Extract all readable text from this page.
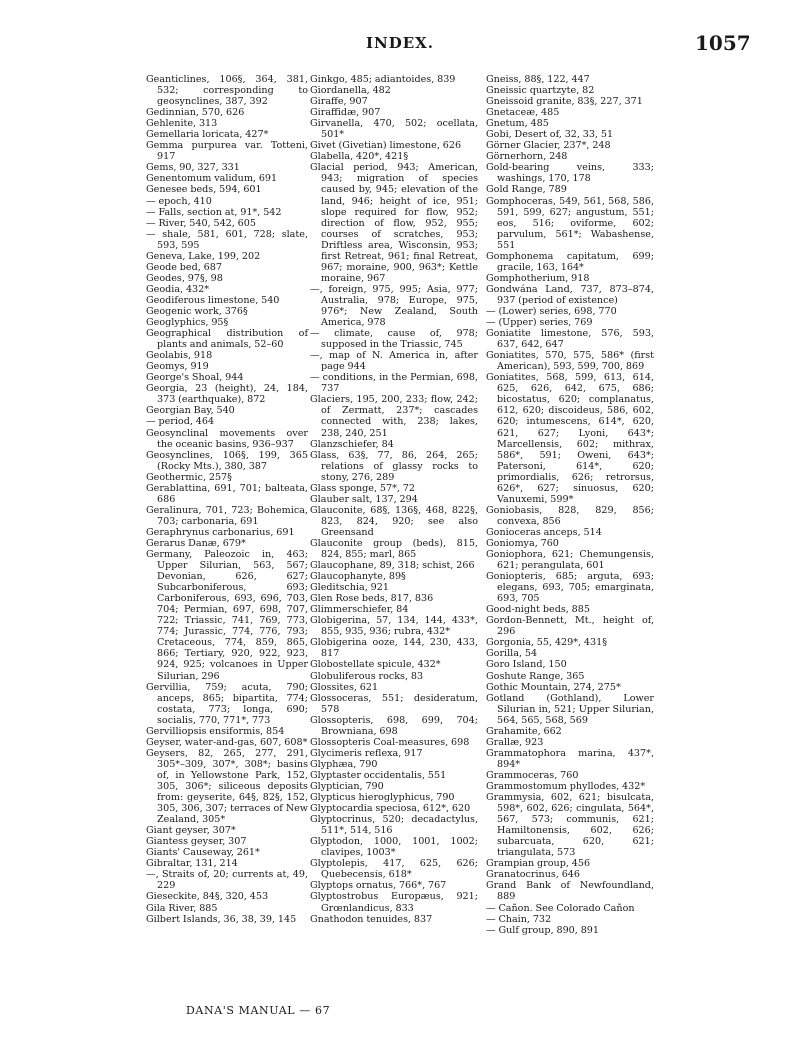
INDEX.	1057

Geanticlines, 106§, 364, 381, 532; corresponding to geosynclines, 387, 392

Gedinnian, 570, 626

Gehlenite, 313

Gemellaria loricata, 427*

Gemma purpurea var. Totteni, 917

Gems, 90, 327, 331

Genentomum validum, 691

Genesee beds, 594, 601

— epoch, 410

— Falls, section at, 91*, 542

— River, 540, 542, 605

— shale, 581, 601, 728; slate, 593, 595

Geneva, Lake, 199, 202

Geode bed, 687

Geodes, 97§, 98

Geodia, 432*

Geodiferous limestone, 540

Geogenic work, 376§

Geoglyphics, 95§

Geographical distribution of plants and animals, 52–60

Geolabis, 918

Geomys, 919

George's Shoal, 944

Georgia, 23 (height), 24, 184, 373 (earthquake), 872

Georgian Bay, 540

— period, 464

Geosynclinal movements over the oceanic basins, 936–937

Geosynclines, 106§, 199, 365 (Rocky Mts.), 380, 387

Geothermic, 257§

Gerablattina, 691, 701; balteata, 686

Geralinura, 701, 723; Bohemica, 703; carbonaria, 691

Geraphrynus carbonarius, 691

Gerarus Danæ, 679*

Germany, Paleozoic in, 463; Upper Silurian, 563, 567; Devonian, 626, 627; Subcarboniferous, 693; Carboniferous, 693, 696, 703, 704; Permian, 697, 698, 707, 722; Triassic, 741, 769, 773, 774; Jurassic, 774, 776, 793; Cretaceous, 774, 859, 865, 866; Tertiary, 920, 922, 923, 924, 925; volcanoes in Upper Silurian, 296

Gervillia, 759; acuta, 790; anceps, 865; bipartita, 774; costata, 773; longa, 690; socialis, 770, 771*, 773

Gervilliopsis ensiformis, 854

Geyser, water-and-gas, 607, 608*

Geysers, 82, 265, 277, 291, 305*–309, 307*, 308*; basins of, in Yellowstone Park, 152, 305, 306*; siliceous deposits from: geyserite, 64§, 82§, 152, 305, 306, 307; terraces of New Zealand, 305*

Giant geyser, 307*

Giantess geyser, 307

Giants' Causeway, 261*

Gibraltar, 131, 214

—, Straits of, 20; currents at, 49, 229

Gieseckite, 84§, 320, 453

Gila River, 885

Gilbert Islands, 36, 38, 39, 145

Ginkgo, 485; adiantoides, 839

Giordanella, 482

Giraffe, 907

Giraffidæ, 907

Girvanella, 470, 502; ocellata, 501*

Givet (Givetian) limestone, 626

Glabella, 420*, 421§

Glacial period, 943; American, 943; migration of species caused by, 945; elevation of the land, 946; height of ice, 951; slope required for flow, 952; direction of flow, 952, 955; courses of scratches, 953; Driftless area, Wisconsin, 953; first Retreat, 961; final Retreat, 967; moraine, 900, 963*; Kettle moraine, 967

—, foreign, 975, 995; Asia, 977; Australia, 978; Europe, 975, 976*; New Zealand, South America, 978

— climate, cause of, 978; supposed in the Triassic, 745

—, map of N. America in, after page 944

— conditions, in the Permian, 698, 737

Glaciers, 195, 200, 233; flow, 242; of Zermatt, 237*; cascades connected with, 238; lakes, 238, 240, 251

Glanzschiefer, 84

Glass, 63§, 77, 86, 264, 265; relations of glassy rocks to stony, 276, 289

Glass sponge, 57*, 72

Glauber salt, 137, 294

Glauconite, 68§, 136§, 468, 822§, 823, 824, 920; see also Greensand

Glauconite group (beds), 815, 824, 855; marl, 865

Glaucophane, 89, 318; schist, 266

Glaucophanyte, 89§

Gleditschia, 921

Glen Rose beds, 817, 836

Glimmerschiefer, 84

Globigerina, 57, 134, 144, 433*, 855, 935, 936; rubra, 432*

Globigerina ooze, 144, 230, 433, 817

Globostellate spicule, 432*

Globuliferous rocks, 83

Glossites, 621

Glossoceras, 551; desideratum, 578

Glossopteris, 698, 699, 704; Brownianа, 698

Glossopteris Coal-measures, 698

Glycimeris reflexa, 917

Glyphæa, 790

Glyptaster occidentalis, 551

Glyptician, 790

Glypticus hieroglyphicus, 790

Glyptocardia speciosa, 612*, 620

Glyptocrinus, 520; decadactylus, 511*, 514, 516

Glyptodon, 1000, 1001, 1002; clavipes, 1003*

Glyptolepis, 417, 625, 626; Quebecensis, 618*

Glyptops ornatus, 766*, 767

Glyptostrobus Europæus, 921; Grœnlandicus, 833

Gnathodon tenuides, 837

Gneiss, 88§, 122, 447

Gneissic quartzyte, 82

Gneissoid granite, 83§, 227, 371

Gnetaceæ, 485

Gnetum, 485

Gobi, Desert of, 32, 33, 51

Görner Glacier, 237*, 248

Görnerhorn, 248

Gold-bearing veins, 333; washings, 170, 178

Gold Range, 789

Gomphoceras, 549, 561, 568, 586, 591, 599, 627; angustum, 551; eos, 516; oviforme, 602; parvulum, 561*; Wabashense, 551

Gomphonema capitatum, 699; gracile, 163, 164*

Gomphotherium, 918

Gondwána Land, 737, 873–874, 937 (period of existence)

— (Lower) series, 698, 770

— (Upper) series, 769

Goniatite limestone, 576, 593, 637, 642, 647

Goniatites, 570, 575, 586* (first American), 593, 599, 700, 869

Goniatites, 568, 599, 613, 614, 625, 626, 642, 675, 686; bicostatus, 620; complanatus, 612, 620; discoideus, 586, 602, 620; intumescens, 614*, 620, 621, 627; Lyoni, 643*; Marcellensis, 602; mithrax, 586*, 591; Oweni, 643*; Patersoni, 614*, 620; primordialis, 626; retrorsus, 626*, 627; sinuosus, 620; Vanuxemi, 599*

Goniobasis, 828, 829, 856; convexa, 856

Gonioceras anceps, 514

Goniomya, 760

Goniophora, 621; Chemungensis, 621; perangulata, 601

Goniopteris, 685; arguta, 693; elegans, 693, 705; emarginata, 693, 705

Good-night beds, 885

Gordon-Bennett, Mt., height of, 296

Gorgonia, 55, 429*, 431§

Gorilla, 54

Goro Island, 150

Goshute Range, 365

Gothic Mountain, 274, 275*

Gotland (Gothland), Lower Silurian in, 521; Upper Silurian, 564, 565, 568, 569

Grahamite, 662

Grallæ, 923

Grammatophora marina, 437*, 894*

Grammoceras, 760

Grammostomum phyllodes, 432*

Grammysia, 602, 621; bisulcata, 598*, 602, 626; cingulata, 564*, 567, 573; communis, 621; Hamiltonensis, 602, 626; subarcuata, 620, 621; triangulata, 573

Grampian group, 456

Granatocrinus, 646

Grand Bank of Newfoundland, 889

— Cañon. See Colorado Cañon

— Chain, 732

— Gulf group, 890, 891

DANA'S MANUAL — 67
